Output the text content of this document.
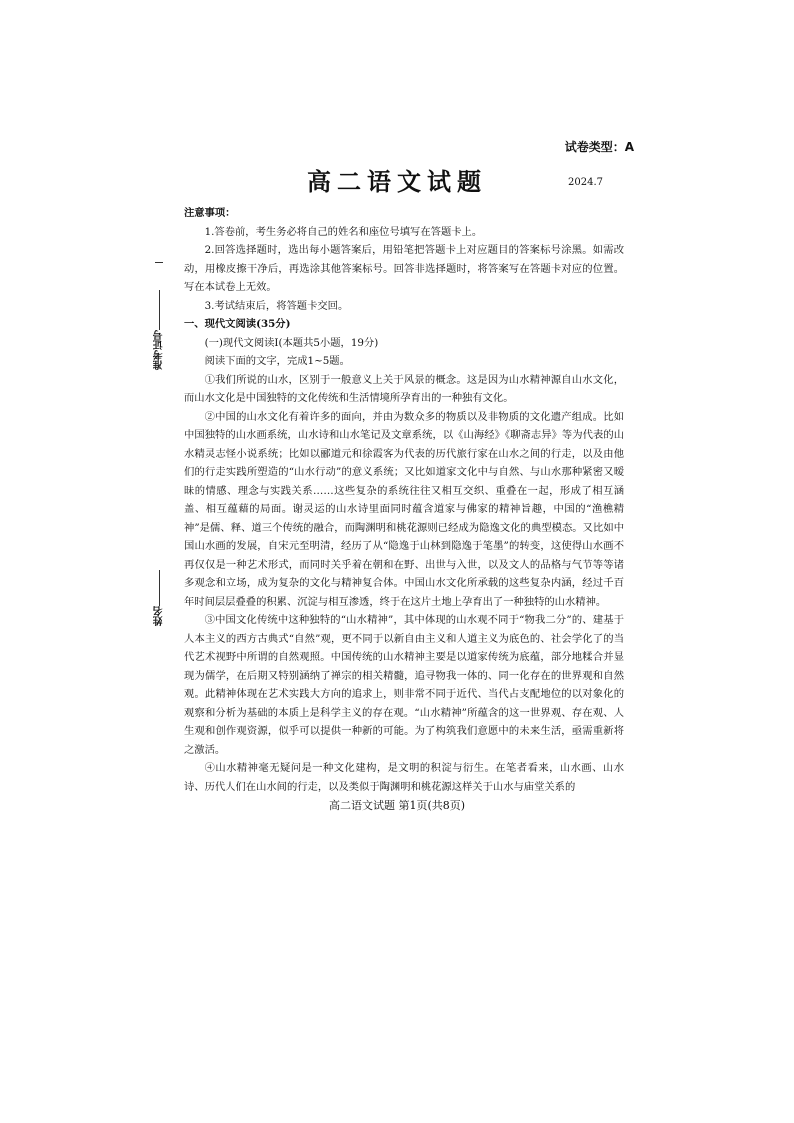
试卷类型：A
高二语文试题	2024.7
准考证号
姓名

注意事项：

1.答卷前，考生务必将自己的姓名和座位号填写在答题卡上。

2.回答选择题时，选出每小题答案后，用铅笔把答题卡上对应题目的答案标号涂黑。如需改动，用橡皮擦干净后，再选涂其他答案标号。回答非选择题时，将答案写在答题卡对应的位置。写在本试卷上无效。

3.考试结束后，将答题卡交回。

一、现代文阅读(35分)

(一)现代文阅读Ⅰ(本题共5小题，19分)

阅读下面的文字，完成1~5题。

①我们所说的山水，区别于一般意义上关于风景的概念。这是因为山水精神源自山水文化，而山水文化是中国独特的文化传统和生活情境所孕育出的一种独有文化。

②中国的山水文化有着许多的面向，并由为数众多的物质以及非物质的文化遗产组成。比如中国独特的山水画系统，山水诗和山水笔记及文章系统，以《山海经》《聊斋志异》等为代表的山水精灵志怪小说系统；比如以郦道元和徐霞客为代表的历代旅行家在山水之间的行走，以及由他们的行走实践所塑造的“山水行动”的意义系统；又比如道家文化中与自然、与山水那种紧密又暧昧的情感、理念与实践关系……这些复杂的系统往往又相互交织、重叠在一起，形成了相互涵盖、相互蕴藉的局面。谢灵运的山水诗里面同时蕴含道家与佛家的精神旨趣，中国的“渔樵精神”是儒、释、道三个传统的融合，而陶渊明和桃花源则已经成为隐逸文化的典型模态。又比如中国山水画的发展，自宋元至明清，经历了从“隐逸于山林到隐逸于笔墨”的转变，这使得山水画不再仅仅是一种艺术形式，而同时关乎着在朝和在野、出世与入世，以及文人的品格与气节等等诸多观念和立场，成为复杂的文化与精神复合体。中国山水文化所承载的这些复杂内涵，经过千百年时间层层叠叠的积累、沉淀与相互渗透，终于在这片土地上孕育出了一种独特的山水精神。

③中国文化传统中这种独特的“山水精神”，其中体现的山水观不同于“物我二分”的、建基于人本主义的西方古典式“自然”观，更不同于以新自由主义和人道主义为底色的、社会学化了的当代艺术视野中所谓的自然观照。中国传统的山水精神主要是以道家传统为底蕴，部分地糅合并显现为儒学，在后期又特别涵纳了禅宗的相关精髓，追寻物我一体的、同一化存在的世界观和自然观。此精神体现在艺术实践大方向的追求上，则非常不同于近代、当代占支配地位的以对象化的观察和分析为基础的本质上是科学主义的存在观。“山水精神”所蕴含的这一世界观、存在观、人生观和创作观资源，似乎可以提供一种新的可能。为了构筑我们意愿中的未来生活，亟需重新将之激活。

④山水精神毫无疑问是一种文化建构，是文明的积淀与衍生。在笔者看来，山水画、山水诗、历代人们在山水间的行走，以及类似于陶渊明和桃花源这样关于山水与庙堂关系的

高二语文试题 第1页(共8页)
